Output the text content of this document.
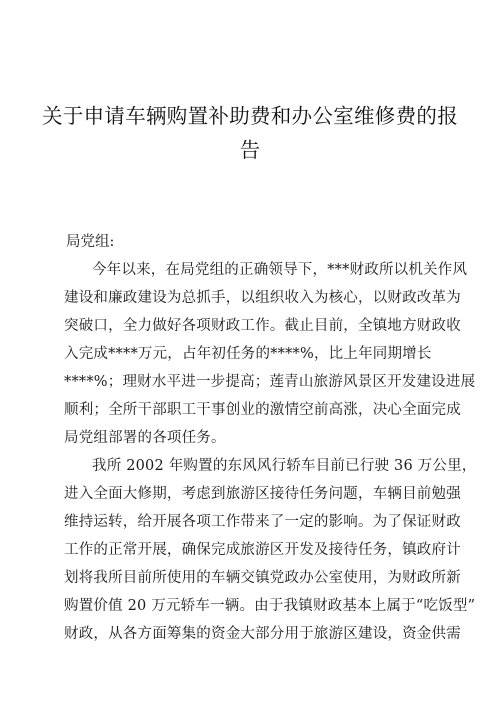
关于申请车辆购置补助费和办公室维修费的报
告
局党组:
今年以来，在局党组的正确领导下，***财政所以机关作风
建设和廉政建设为总抓手，以组织收入为核心，以财政改革为
突破口，全力做好各项财政工作。截止目前，全镇地方财政收
入完成****万元，占年初任务的****%，比上年同期增长
****%；理财水平进一步提高；莲青山旅游风景区开发建设进展
顺利；全所干部职工干事创业的激情空前高涨，决心全面完成
局党组部署的各项任务。
我所 2002 年购置的东风风行轿车目前已行驶 36 万公里，
进入全面大修期，考虑到旅游区接待任务问题，车辆目前勉强
维持运转，给开展各项工作带来了一定的影响。为了保证财政
工作的正常开展，确保完成旅游区开发及接待任务，镇政府计
划将我所目前所使用的车辆交镇党政办公室使用，为财政所新
购置价值 20 万元轿车一辆。由于我镇财政基本上属于“吃饭型”
财政，从各方面筹集的资金大部分用于旅游区建设，资金供需
